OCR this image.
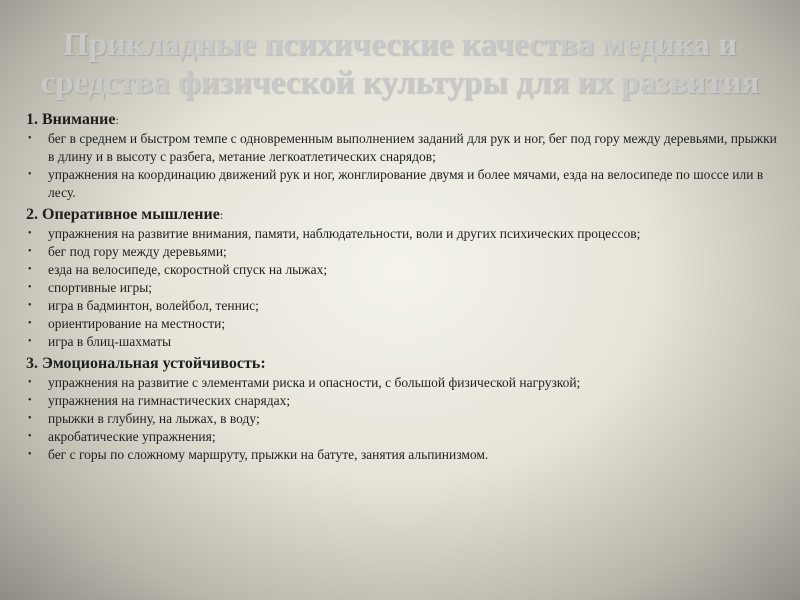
Прикладные психические качества медика и средства физической культуры для их развития
1. Внимание:
• бег в среднем и быстром темпе с одновременным выполнением заданий для рук и ног, бег под гору между деревьями, прыжки в длину и в высоту с разбега, метание легкоатлетических снарядов;
• упражнения на координацию движений рук и ног, жонглирование двумя и более мячами, езда на велосипеде по шоссе или в лесу.
2. Оперативное мышление:
• упражнения на развитие внимания, памяти, наблюдательности, воли и других психических процессов;
• бег под гору между деревьями;
• езда на велосипеде, скоростной спуск на лыжах;
• спортивные игры;
• игра в бадминтон, волейбол, теннис;
• ориентирование на местности;
• игра в блиц-шахматы
3. Эмоциональная устойчивость:
• упражнения на развитие с элементами риска и опасности, с большой физической нагрузкой;
• упражнения на гимнастических снарядах;
• прыжки в глубину, на лыжах, в воду;
• акробатические упражнения;
• бег с горы по сложному маршруту, прыжки на батуте, занятия альпинизмом.
